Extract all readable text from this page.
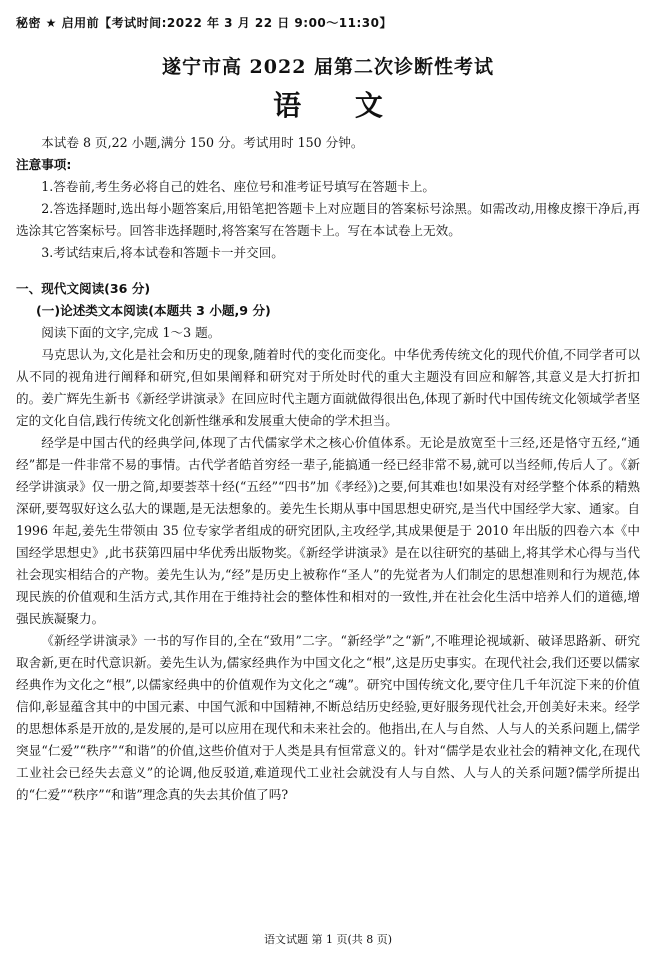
秘密 ★ 启用前【考试时间:2022 年 3 月 22 日 9:00～11:30】
遂宁市高 2022 届第二次诊断性考试
语 文
本试卷 8 页,22 小题,满分 150 分。考试用时 150 分钟。
注意事项:
1.答卷前,考生务必将自己的姓名、座位号和准考证号填写在答题卡上。
2.答选择题时,选出每小题答案后,用铅笔把答题卡上对应题目的答案标号涂黑。如需改动,用橡皮擦干净后,再选涂其它答案标号。回答非选择题时,将答案写在答题卡上。写在本试卷上无效。
3.考试结束后,将本试卷和答题卡一并交回。
一、现代文阅读(36 分)
(一)论述类文本阅读(本题共 3 小题,9 分)
阅读下面的文字,完成 1～3 题。
马克思认为,文化是社会和历史的现象,随着时代的变化而变化。中华优秀传统文化的现代价值,不同学者可以从不同的视角进行阐释和研究,但如果阐释和研究对于所处时代的重大主题没有回应和解答,其意义是大打折扣的。姜广辉先生新书《新经学讲演录》在回应时代主题方面就做得很出色,体现了新时代中国传统文化领域学者坚定的文化自信,践行传统文化创新性继承和发展重大使命的学术担当。
经学是中国古代的经典学问,体现了古代儒家学术之核心价值体系。无论是放宽至十三经,还是恪守五经,“通经”都是一件非常不易的事情。古代学者皓首穷经一辈子,能搞通一经已经非常不易,就可以当经师,传后人了。《新经学讲演录》仅一册之简,却要荟萃十经(“五经”“四书”加《孝经》)之要,何其难也!如果没有对经学整个体系的精熟深研,要驾驭好这么弘大的课题,是无法想象的。姜先生长期从事中国思想史研究,是当代中国经学大家、通家。自 1996 年起,姜先生带领由 35 位专家学者组成的研究团队,主攻经学,其成果便是于 2010 年出版的四卷六本《中国经学思想史》,此书获第四届中华优秀出版物奖。《新经学讲演录》是在以往研究的基础上,将其学术心得与当代社会现实相结合的产物。姜先生认为,“经”是历史上被称作“圣人”的先觉者为人们制定的思想准则和行为规范,体现民族的价值观和生活方式,其作用在于维持社会的整体性和相对的一致性,并在社会化生活中培养人们的道德,增强民族凝聚力。
《新经学讲演录》一书的写作目的,全在“致用”二字。“新经学”之“新”,不唯理论视域新、破译思路新、研究取舍新,更在时代意识新。姜先生认为,儒家经典作为中国文化之“根”,这是历史事实。在现代社会,我们还要以儒家经典作为文化之“根”,以儒家经典中的价值观作为文化之“魂”。研究中国传统文化,要守住几千年沉淀下来的价值信仰,彰显蕴含其中的中国元素、中国气派和中国精神,不断总结历史经验,更好服务现代社会,开创美好未来。经学的思想体系是开放的,是发展的,是可以应用在现代和未来社会的。他指出,在人与自然、人与人的关系问题上,儒学突显“仁爱”“秩序”“和谐”的价值,这些价值对于人类是具有恒常意义的。针对“儒学是农业社会的精神文化,在现代工业社会已经失去意义”的论调,他反驳道,难道现代工业社会就没有人与自然、人与人的关系问题?儒学所提出的“仁爱”“秩序”“和谐”理念真的失去其价值了吗?
语文试题 第 1 页(共 8 页)
